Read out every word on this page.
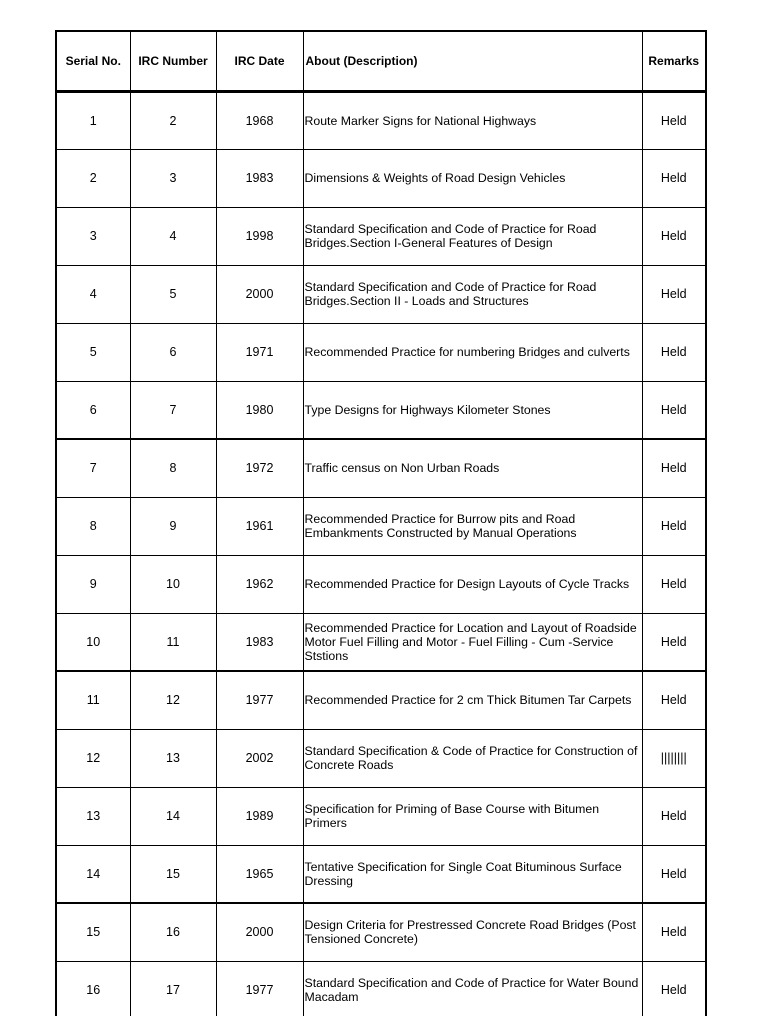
Serial No.	IRC Number	IRC Date	About (Description)	Remarks
1	2	1968	Route Marker Signs for National Highways	Held
2	3	1983	Dimensions & Weights of Road Design Vehicles	Held
3	4	1998	Standard Specification and Code of Practice for Road Bridges.Section I-General Features of Design	Held
4	5	2000	Standard Specification and Code of Practice for Road Bridges.Section II - Loads and Structures	Held
5	6	1971	Recommended Practice for numbering Bridges and culverts	Held
6	7	1980	Type Designs for Highways Kilometer Stones	Held
7	8	1972	Traffic census on Non Urban Roads	Held
8	9	1961	Recommended Practice for Burrow pits and Road Embankments Constructed by Manual Operations	Held
9	10	1962	Recommended Practice for Design Layouts of Cycle Tracks	Held
10	11	1983	Recommended Practice for Location and Layout of Roadside Motor Fuel Filling and Motor - Fuel Filling - Cum -Service Ststions	Held
11	12	1977	Recommended Practice for 2 cm Thick Bitumen Tar Carpets	Held
12	13	2002	Standard Specification & Code of Practice for Construction of Concrete Roads	||||||||
13	14	1989	Specification for Priming of Base Course with Bitumen Primers	Held
14	15	1965	Tentative Specification for Single Coat Bituminous Surface Dressing	Held
15	16	2000	Design Criteria for Prestressed Concrete Road Bridges (Post Tensioned Concrete)	Held
16	17	1977	Standard Specification and Code of Practice for Water Bound Macadam	Held
